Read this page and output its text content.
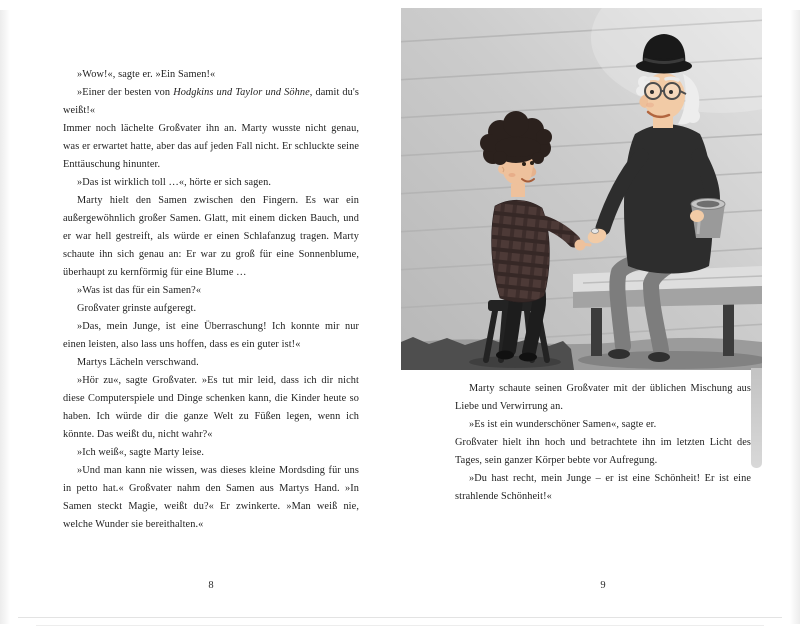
»Wow!«, sagte er. »Ein Samen!«

»Einer der besten von Hodgkins und Taylor und Söhne, damit du's weißt!«

Immer noch lächelte Großvater ihn an. Marty wusste nicht genau, was er erwartet hatte, aber das auf jeden Fall nicht. Er schluckte seine Enttäuschung hinunter.

»Das ist wirklich toll …«, hörte er sich sagen.

Marty hielt den Samen zwischen den Fingern. Es war ein außergewöhnlich großer Samen. Glatt, mit einem dicken Bauch, und er war hell gestreift, als würde er einen Schlafanzug tragen. Marty schaute ihn sich genau an: Er war zu groß für eine Sonnenblume, überhaupt zu kernförmig für eine Blume …

»Was ist das für ein Samen?«

Großvater grinste aufgeregt.

»Das, mein Junge, ist eine Überraschung! Ich konnte mir nur einen leisten, also lass uns hoffen, dass es ein guter ist!«

Martys Lächeln verschwand.

»Hör zu«, sagte Großvater. »Es tut mir leid, dass ich dir nicht diese Computerspiele und Dinge schenken kann, die Kinder heute so haben. Ich würde dir die ganze Welt zu Füßen legen, wenn ich könnte. Das weißt du, nicht wahr?«

»Ich weiß«, sagte Marty leise.

»Und man kann nie wissen, was dieses kleine Mordsding für uns in petto hat.« Großvater nahm den Samen aus Martys Hand. »In Samen steckt Magie, weißt du?« Er zwinkerte. »Man weiß nie, welche Wunder sie bereithalten.«

8

Marty schaute seinen Großvater mit der üblichen Mischung aus Liebe und Verwirrung an.

»Es ist ein wunderschöner Samen«, sagte er.

Großvater hielt ihn hoch und betrachtete ihn im letzten Licht des Tages, sein ganzer Körper bebte vor Aufregung.

»Du hast recht, mein Junge – er ist eine Schönheit! Er ist eine strahlende Schönheit!«

9
